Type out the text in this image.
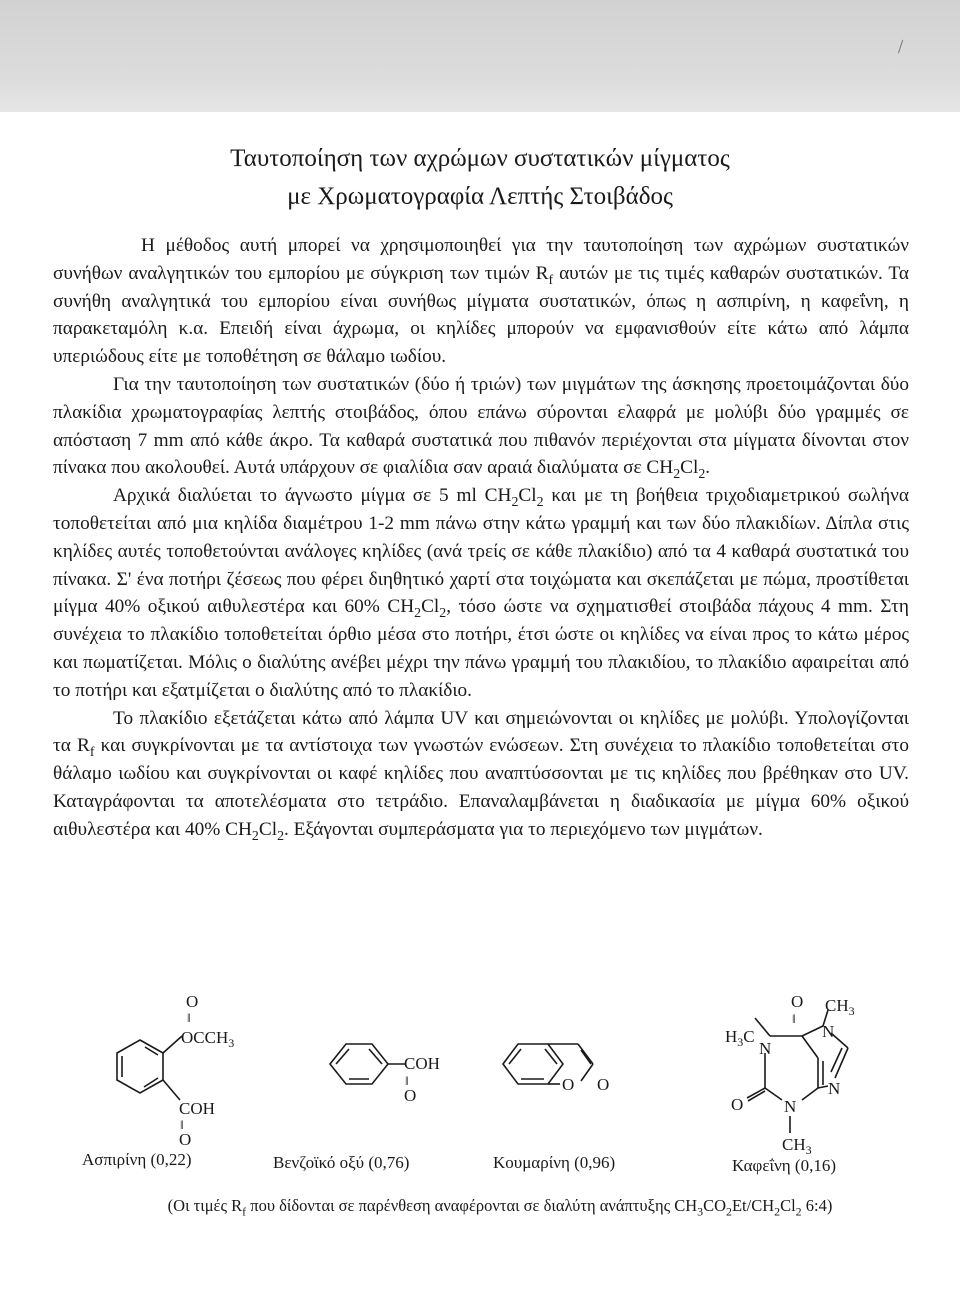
Ταυτοποίηση των αχρώμων συστατικών μίγματος
με Χρωματογραφία Λεπτής Στοιβάδος

Η μέθοδος αυτή μπορεί να χρησιμοποιηθεί για την ταυτοποίηση των αχρώμων συστατικών συνήθων αναλγητικών του εμπορίου με σύγκριση των τιμών $R_f$ αυτών με τις τιμές καθαρών συστατικών. Τα συνήθη αναλγητικά του εμπορίου είναι συνήθως μίγματα συστατικών, όπως η ασπιρίνη, η καφεΐνη, η παρακεταμόλη κ.α. Επειδή είναι άχρωμα, οι κηλίδες μπορούν να εμφανισθούν είτε κάτω από λάμπα υπεριώδους είτε με τοποθέτηση σε θάλαμο ιωδίου.

Για την ταυτοποίηση των συστατικών (δύο ή τριών) των μιγμάτων της άσκησης προετοιμάζονται δύο πλακίδια χρωματογραφίας λεπτής στοιβάδος, όπου επάνω σύρονται ελαφρά με μολύβι δύο γραμμές σε απόσταση 7 mm από κάθε άκρο. Τα καθαρά συστατικά που πιθανόν περιέχονται στα μίγματα δίνονται στον πίνακα που ακολουθεί. Αυτά υπάρχουν σε φιαλίδια σαν αραιά διαλύματα σε $CH_2Cl_2$.

Αρχικά διαλύεται το άγνωστο μίγμα σε 5 ml $CH_2Cl_2$ και με τη βοήθεια τριχοδιαμετρικού σωλήνα τοποθετείται από μια κηλίδα διαμέτρου 1-2 mm πάνω στην κάτω γραμμή και των δύο πλακιδίων. Δίπλα στις κηλίδες αυτές τοποθετούνται ανάλογες κηλίδες (ανά τρείς σε κάθε πλακίδιο) από τα 4 καθαρά συστατικά του πίνακα. Σ' ένα ποτήρι ζέσεως που φέρει διηθητικό χαρτί στα τοιχώματα και σκεπάζεται με πώμα, προστίθεται μίγμα 40% οξικού αιθυλεστέρα και 60% $CH_2Cl_2$, τόσο ώστε να σχηματισθεί στοιβάδα πάχους 4 mm. Στη συνέχεια το πλακίδιο τοποθετείται όρθιο μέσα στο ποτήρι, έτσι ώστε οι κηλίδες να είναι προς το κάτω μέρος και πωματίζεται. Μόλις ο διαλύτης ανέβει μέχρι την πάνω γραμμή του πλακιδίου, το πλακίδιο αφαιρείται από το ποτήρι και εξατμίζεται ο διαλύτης από το πλακίδιο.

Το πλακίδιο εξετάζεται κάτω από λάμπα UV και σημειώνονται οι κηλίδες με μολύβι. Υπολογίζονται τα $R_f$ και συγκρίνονται με τα αντίστοιχα των γνωστών ενώσεων. Στη συνέχεια το πλακίδιο τοποθετείται στο θάλαμο ιωδίου και συγκρίνονται οι καφέ κηλίδες που αναπτύσσονται με τις κηλίδες που βρέθηκαν στο UV. Καταγράφονται τα αποτελέσματα στο τετράδιο. Επαναλαμβάνεται η διαδικασία με μίγμα 60% οξικού αιθυλεστέρα και 40% $CH_2Cl_2$. Εξάγονται συμπεράσματα για το περιεχόμενο των μιγμάτων.

O
‖
$OCCH_3$
COH
‖
O
Ασπιρίνη (0,22)
COH
‖
O
Βενζοϊκό οξύ (0,76)
O O
Κουμαρίνη (0,96)
O
‖
$H_3C$
N
N
$CH_3$
N
O N
$CH_3$
Καφεΐνη (0,16)
(Οι τιμές $R_f$ που δίδονται σε παρένθεση αναφέρονται σε διαλύτη ανάπτυξης $CH_3CO_2Et/CH_2Cl_2$ 6:4)
